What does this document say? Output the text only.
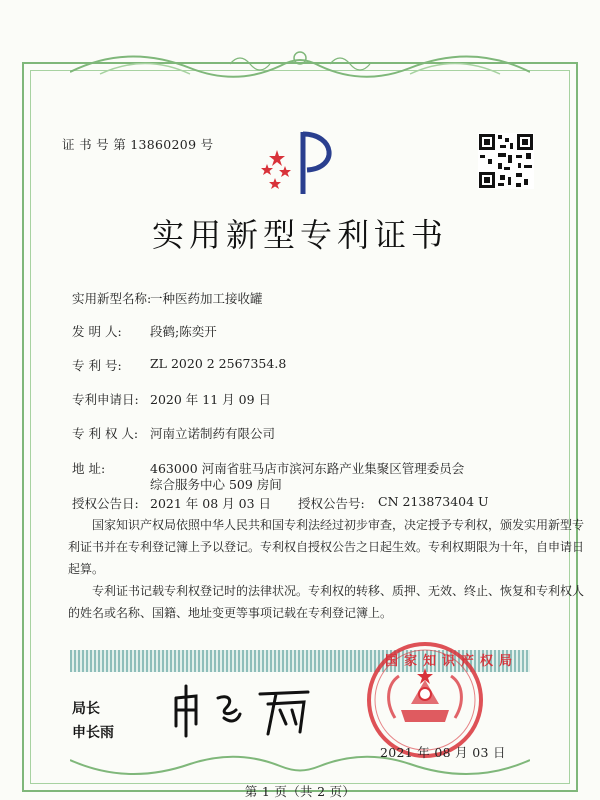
证 书 号 第 13860209 号
实用新型专利证书
实用新型名称:
一种医药加工接收罐
发 明 人: 段鹤;陈奕开
专 利 号: ZL 2020 2 2567354.8
专利申请日: 2020 年 11 月 09 日
专 利 权 人: 河南立诺制药有限公司
地 址:	463000 河南省驻马店市滨河东路产业集聚区管理委员会
综合服务中心 509 房间
授权公告日: 2021 年 08 月 03 日 授权公告号: CN 213873404 U
国家知识产权局依照中华人民共和国专利法经过初步审查，决定授予专利权，颁发实用新型专利证书并在专利登记簿上予以登记。专利权自授权公告之日起生效。专利权期限为十年，自申请日起算。
专利证书记载专利权登记时的法律状况。专利权的转移、质押、无效、终止、恢复和专利权人的姓名或名称、国籍、地址变更等事项记载在专利登记簿上。
局长
申长雨
国家知识产权局
2021 年 08 月 03 日
第 1 页（共 2 页）
